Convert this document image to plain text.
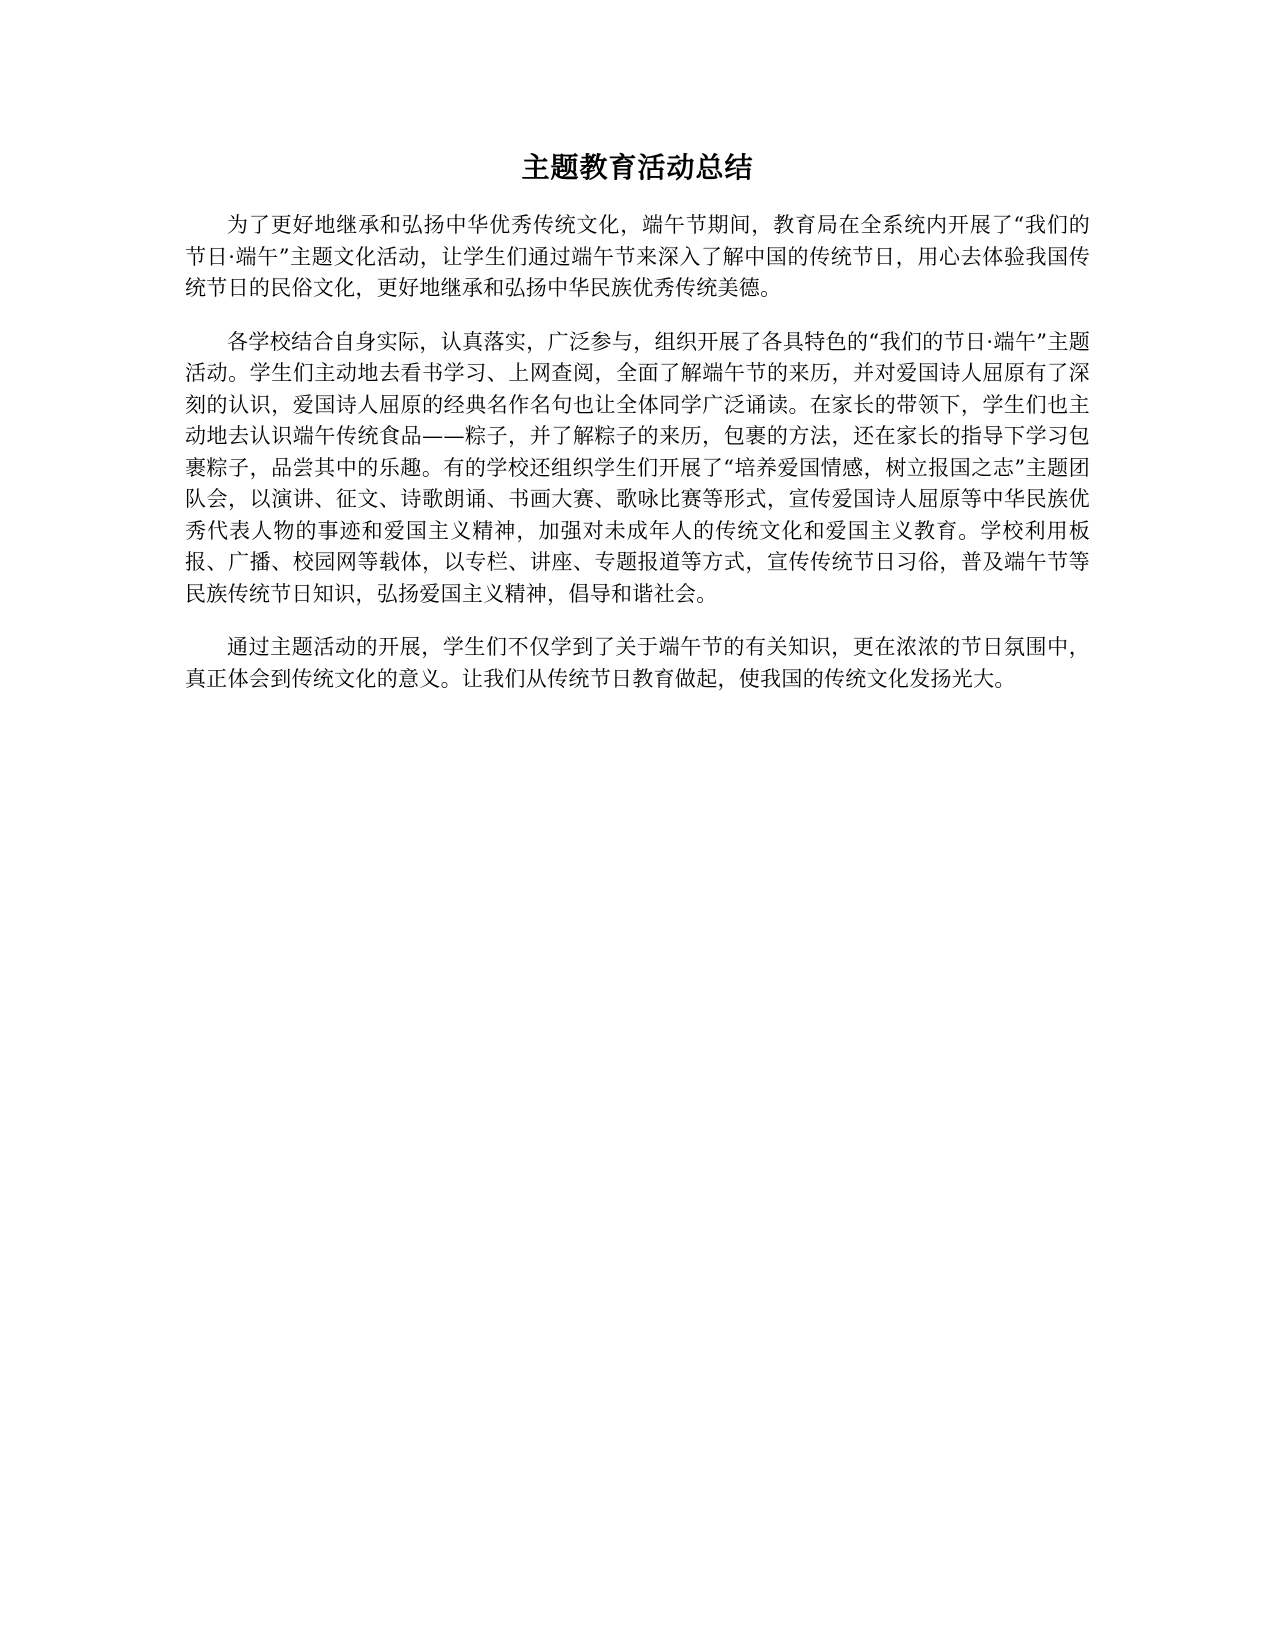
主题教育活动总结

为了更好地继承和弘扬中华优秀传统文化，端午节期间，教育局在全系统内开展了“我们的节日·端午”主题文化活动，让学生们通过端午节来深入了解中国的传统节日，用心去体验我国传统节日的民俗文化，更好地继承和弘扬中华民族优秀传统美德。

各学校结合自身实际，认真落实，广泛参与，组织开展了各具特色的“我们的节日·端午”主题活动。学生们主动地去看书学习、上网查阅，全面了解端午节的来历，并对爱国诗人屈原有了深刻的认识，爱国诗人屈原的经典名作名句也让全体同学广泛诵读。在家长的带领下，学生们也主动地去认识端午传统食品——粽子，并了解粽子的来历，包裹的方法，还在家长的指导下学习包裹粽子，品尝其中的乐趣。有的学校还组织学生们开展了“培养爱国情感，树立报国之志”主题团队会，以演讲、征文、诗歌朗诵、书画大赛、歌咏比赛等形式，宣传爱国诗人屈原等中华民族优秀代表人物的事迹和爱国主义精神，加强对未成年人的传统文化和爱国主义教育。学校利用板报、广播、校园网等载体，以专栏、讲座、专题报道等方式，宣传传统节日习俗，普及端午节等民族传统节日知识，弘扬爱国主义精神，倡导和谐社会。

通过主题活动的开展，学生们不仅学到了关于端午节的有关知识，更在浓浓的节日氛围中，真正体会到传统文化的意义。让我们从传统节日教育做起，使我国的传统文化发扬光大。
